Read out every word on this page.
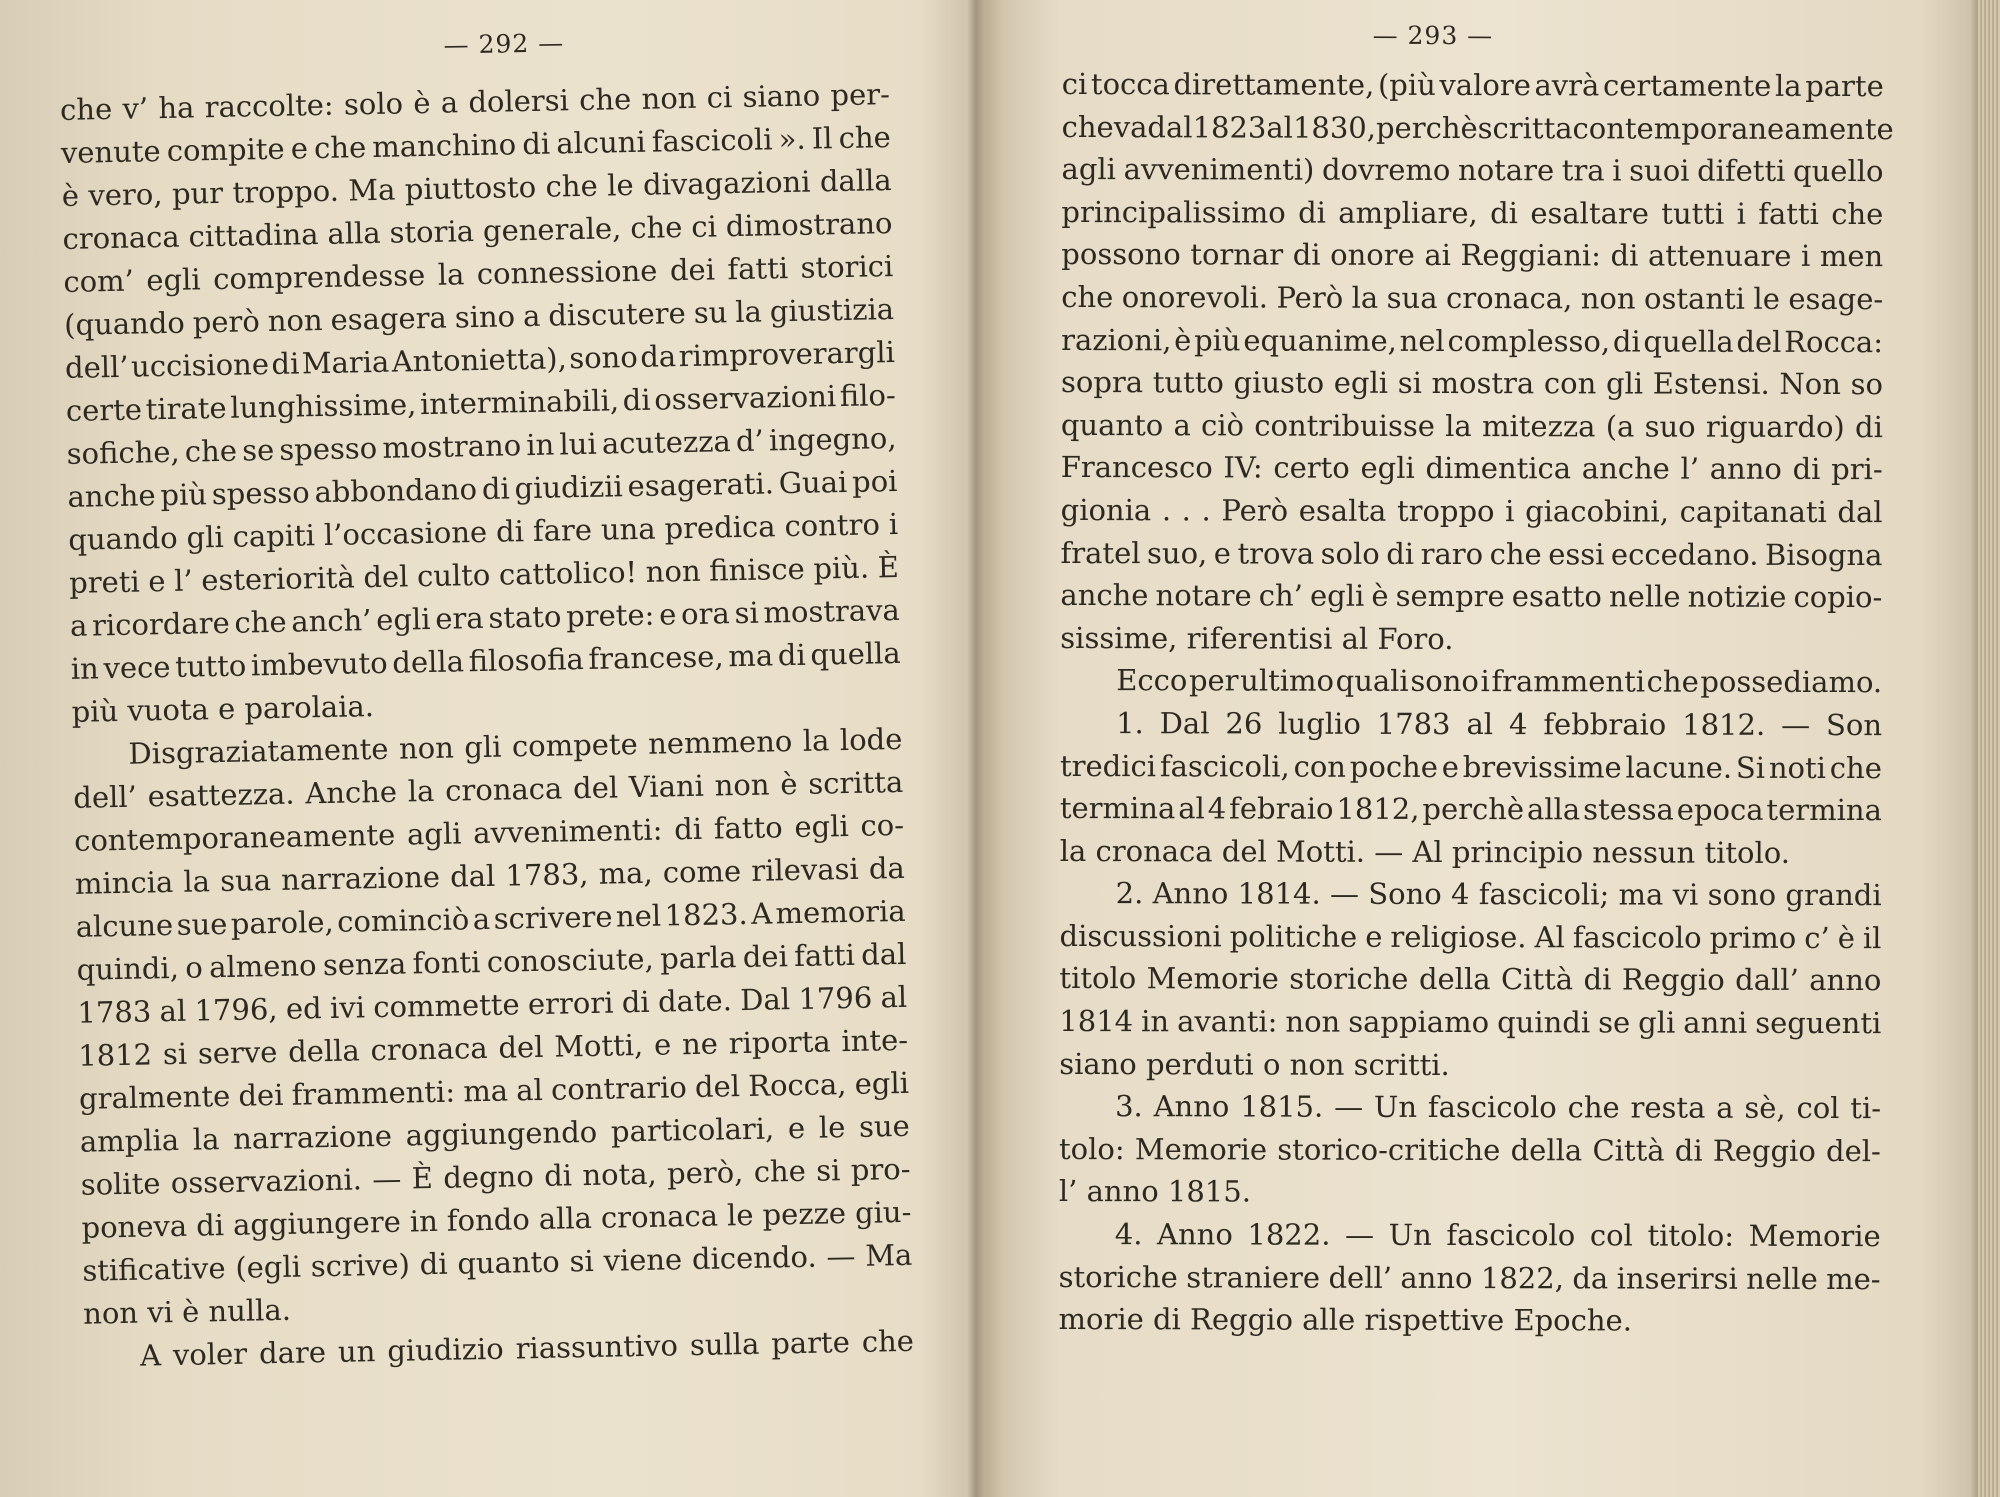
— 292 —
che v’ ha raccolte: solo è a dolersi che non ci siano per-
venute compite e che manchino di alcuni fascicoli ». Il che
è vero, pur troppo. Ma piuttosto che le divagazioni dalla
cronaca cittadina alla storia generale, che ci dimostrano
com’ egli comprendesse la connessione dei fatti storici
(quando però non esagera sino a discutere su la giustizia
dell’ uccisione di Maria Antonietta), sono da rimproverargli
certe tirate lunghissime, interminabili, di osservazioni filo-
sofiche, che se spesso mostrano in lui acutezza d’ ingegno,
anche più spesso abbondano di giudizii esagerati. Guai poi
quando gli capiti l’occasione di fare una predica contro i
preti e l’ esteriorità del culto cattolico! non finisce più. È
a ricordare che anch’ egli era stato prete: e ora si mostrava
in vece tutto imbevuto della filosofia francese, ma di quella
più vuota e parolaia.
Disgraziatamente non gli compete nemmeno la lode
dell’ esattezza. Anche la cronaca del Viani non è scritta
contemporaneamente agli avvenimenti: di fatto egli co-
mincia la sua narrazione dal 1783, ma, come rilevasi da
alcune sue parole, cominciò a scrivere nel 1823. A memoria
quindi, o almeno senza fonti conosciute, parla dei fatti dal
1783 al 1796, ed ivi commette errori di date. Dal 1796 al
1812 si serve della cronaca del Motti, e ne riporta inte-
gralmente dei frammenti: ma al contrario del Rocca, egli
amplia la narrazione aggiungendo particolari, e le sue
solite osservazioni. — È degno di nota, però, che si pro-
poneva di aggiungere in fondo alla cronaca le pezze giu-
stificative (egli scrive) di quanto si viene dicendo. — Ma
non vi è nulla.
A voler dare un giudizio riassuntivo sulla parte che
— 293 —
ci tocca direttamente, (più valore avrà certamente la parte
che va dal 1823 al 1830, perchè scritta contemporaneamente
agli avvenimenti) dovremo notare tra i suoi difetti quello
principalissimo di ampliare, di esaltare tutti i fatti che
possono tornar di onore ai Reggiani: di attenuare i men
che onorevoli. Però la sua cronaca, non ostanti le esage-
razioni, è più equanime, nel complesso, di quella del Rocca:
sopra tutto giusto egli si mostra con gli Estensi. Non so
quanto a ciò contribuisse la mitezza (a suo riguardo) di
Francesco IV: certo egli dimentica anche l’ anno di pri-
gionia . . . Però esalta troppo i giacobini, capitanati dal
fratel suo, e trova solo di raro che essi eccedano. Bisogna
anche notare ch’ egli è sempre esatto nelle notizie copio-
sissime, riferentisi al Foro.
Ecco per ultimo quali sono i frammenti che possediamo.
1. Dal 26 luglio 1783 al 4 febbraio 1812. — Son
tredici fascicoli, con poche e brevissime lacune. Si noti che
termina al 4 febraio 1812, perchè alla stessa epoca termina
la cronaca del Motti. — Al principio nessun titolo.
2. Anno 1814. — Sono 4 fascicoli; ma vi sono grandi
discussioni politiche e religiose. Al fascicolo primo c’ è il
titolo Memorie storiche della Città di Reggio dall’ anno
1814 in avanti: non sappiamo quindi se gli anni seguenti
siano perduti o non scritti.
3. Anno 1815. — Un fascicolo che resta a sè, col ti-
tolo: Memorie storico-critiche della Città di Reggio del-
l’ anno 1815.
4. Anno 1822. — Un fascicolo col titolo: Memorie
storiche straniere dell’ anno 1822, da inserirsi nelle me-
morie di Reggio alle rispettive Epoche.
